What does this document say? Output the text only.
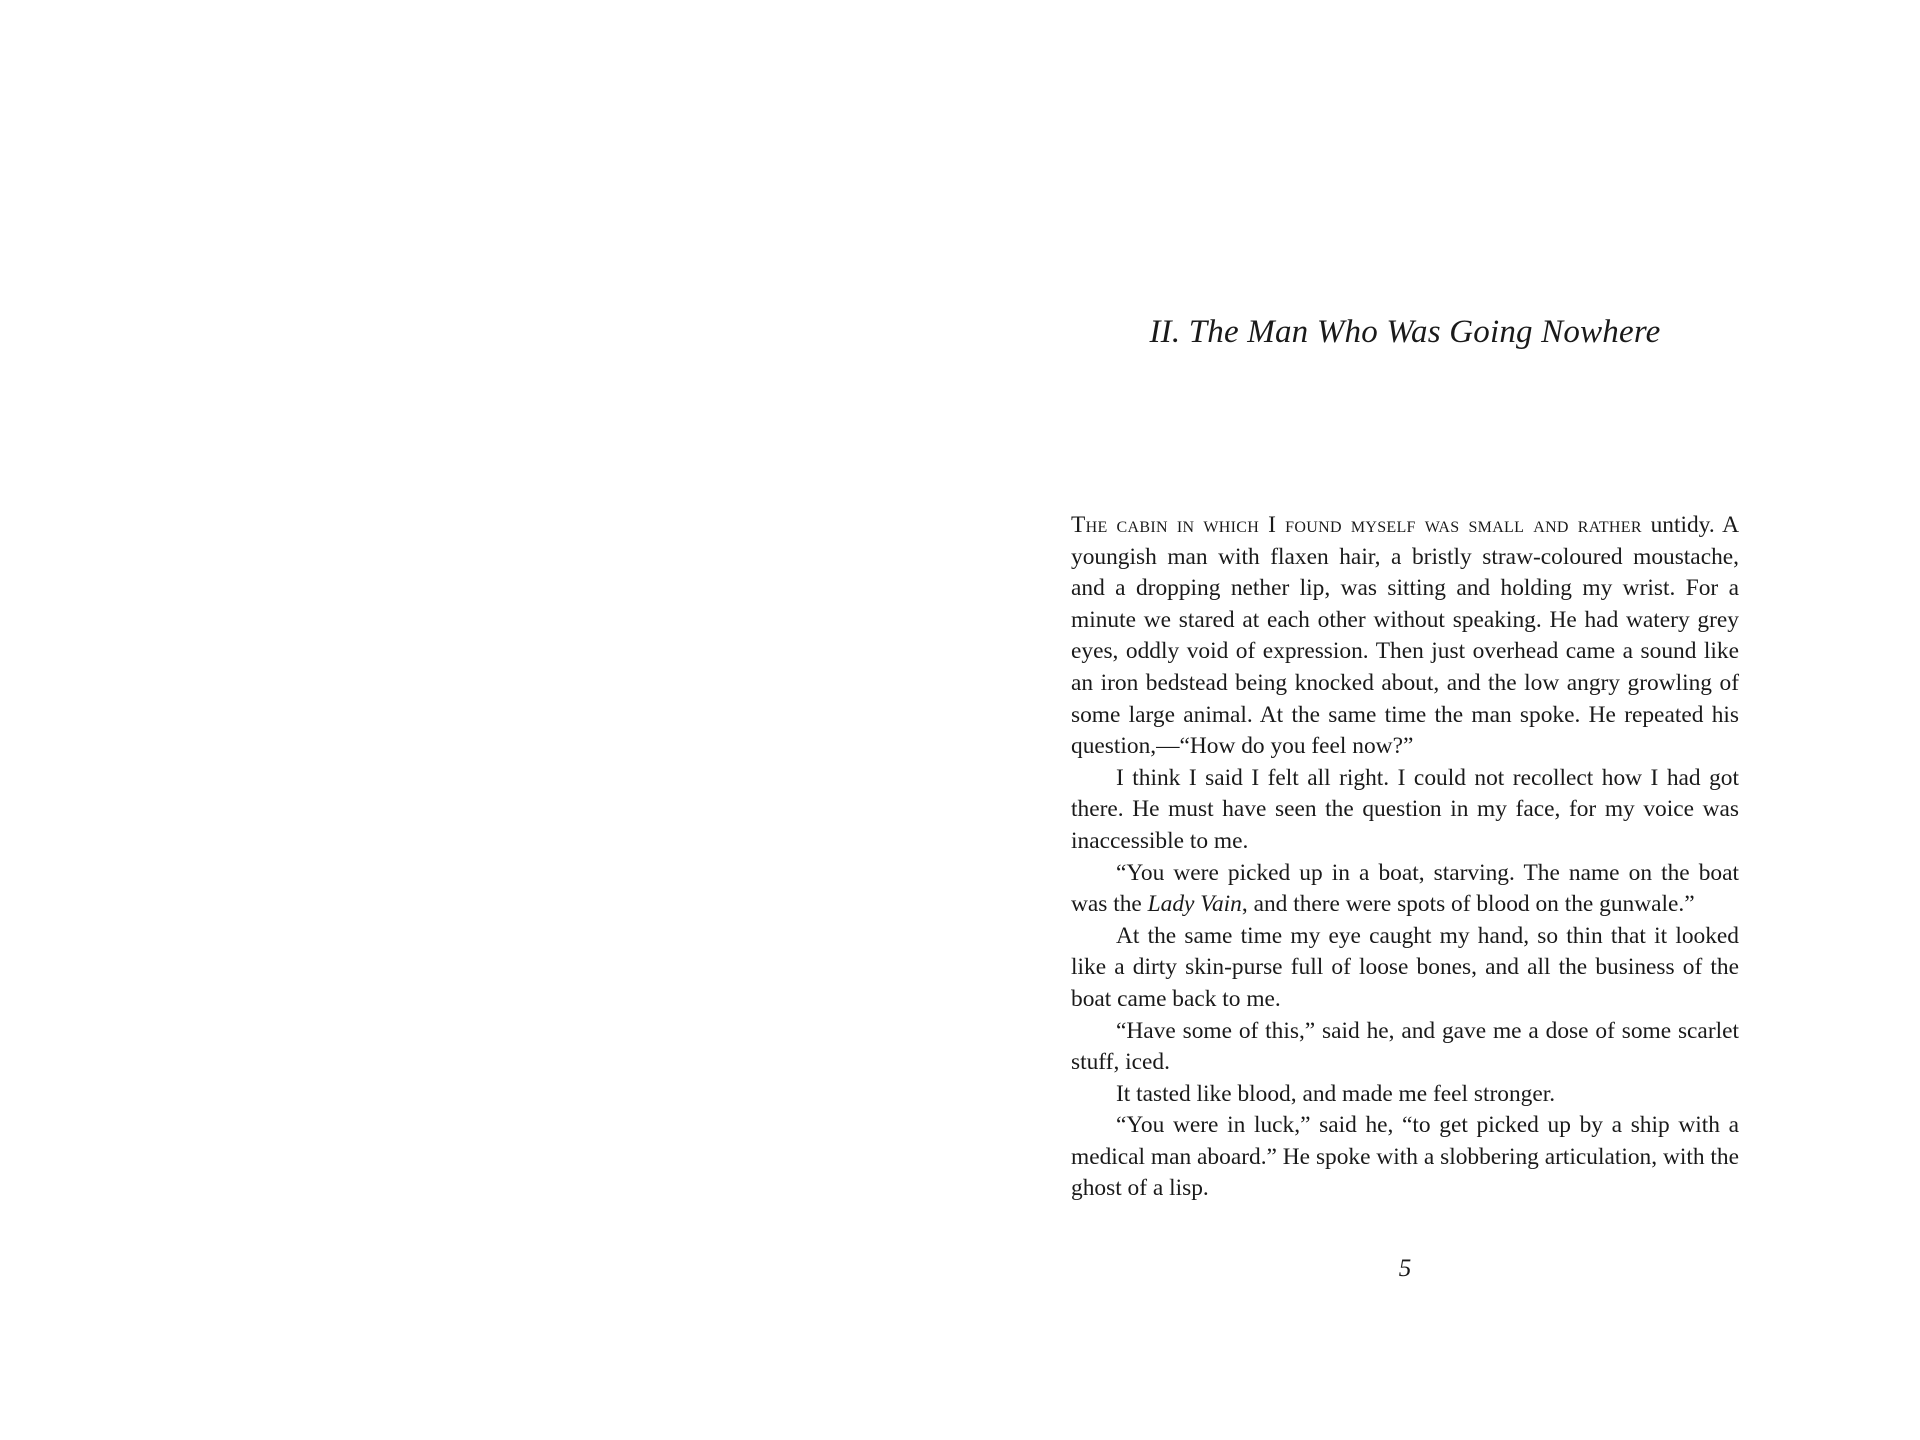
II. The Man Who Was Going Nowhere

The cabin in which I found myself was small and rather untidy. A youngish man with flaxen hair, a bristly straw-coloured moustache, and a dropping nether lip, was sitting and holding my wrist. For a minute we stared at each other without speaking. He had watery grey eyes, oddly void of expression. Then just overhead came a sound like an iron bedstead being knocked about, and the low angry growling of some large animal. At the same time the man spoke. He repeated his question,—“How do you feel now?”

I think I said I felt all right. I could not recollect how I had got there. He must have seen the question in my face, for my voice was inaccessible to me.

“You were picked up in a boat, starving. The name on the boat was the Lady Vain, and there were spots of blood on the gunwale.”

At the same time my eye caught my hand, so thin that it looked like a dirty skin-purse full of loose bones, and all the business of the boat came back to me.

“Have some of this,” said he, and gave me a dose of some scarlet stuff, iced.

It tasted like blood, and made me feel stronger.

“You were in luck,” said he, “to get picked up by a ship with a medical man aboard.” He spoke with a slobbering articulation, with the ghost of a lisp.

5
